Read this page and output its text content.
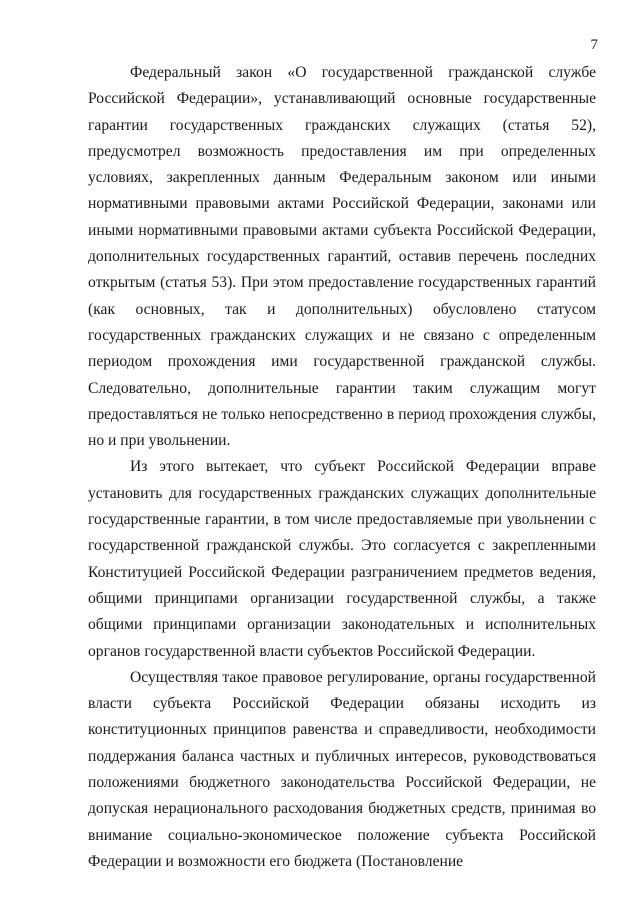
7

Федеральный закон «О государственной гражданской службе Российской Федерации», устанавливающий основные государственные гарантии государственных гражданских служащих (статья 52), предусмотрел возможность предоставления им при определенных условиях, закрепленных данным Федеральным законом или иными нормативными правовыми актами Российской Федерации, законами или иными нормативными правовыми актами субъекта Российской Федерации, дополнительных государственных гарантий, оставив перечень последних открытым (статья 53). При этом предоставление государственных гарантий (как основных, так и дополнительных) обусловлено статусом государственных гражданских служащих и не связано с определенным периодом прохождения ими государственной гражданской службы. Следовательно, дополнительные гарантии таким служащим могут предоставляться не только непосредственно в период прохождения службы, но и при увольнении.

Из этого вытекает, что субъект Российской Федерации вправе установить для государственных гражданских служащих дополнительные государственные гарантии, в том числе предоставляемые при увольнении с государственной гражданской службы. Это согласуется с закрепленными Конституцией Российской Федерации разграничением предметов ведения, общими принципами организации государственной службы, а также общими принципами организации законодательных и исполнительных органов государственной власти субъектов Российской Федерации.

Осуществляя такое правовое регулирование, органы государственной власти субъекта Российской Федерации обязаны исходить из конституционных принципов равенства и справедливости, необходимости поддержания баланса частных и публичных интересов, руководствоваться положениями бюджетного законодательства Российской Федерации, не допуская нерационального расходования бюджетных средств, принимая во внимание социально-экономическое положение субъекта Российской Федерации и возможности его бюджета (Постановление
